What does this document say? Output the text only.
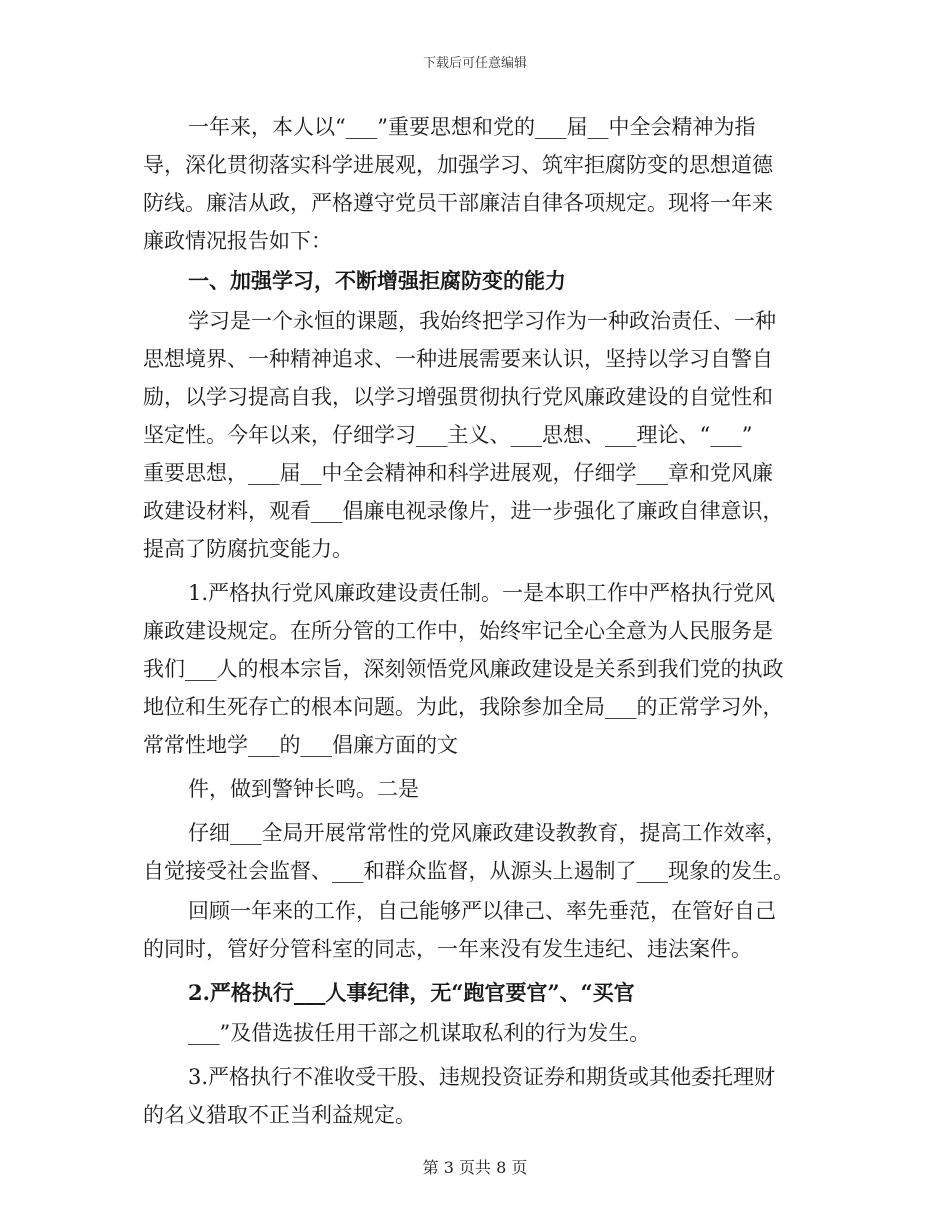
下载后可任意编辑
一年来，本人以“___”重要思想和党的___届__中全会精神为指
导，深化贯彻落实科学进展观，加强学习、筑牢拒腐防变的思想道德
防线。廉洁从政，严格遵守党员干部廉洁自律各项规定。现将一年来
廉政情况报告如下：
一、加强学习，不断增强拒腐防变的能力
学习是一个永恒的课题，我始终把学习作为一种政治责任、一种
思想境界、一种精神追求、一种进展需要来认识，坚持以学习自警自
励，以学习提高自我，以学习增强贯彻执行党风廉政建设的自觉性和
坚定性。今年以来，仔细学习___主义、___思想、___理论、“___”
重要思想，___届__中全会精神和科学进展观，仔细学___章和党风廉
政建设材料，观看___倡廉电视录像片，进一步强化了廉政自律意识，
提高了防腐抗变能力。
1.严格执行党风廉政建设责任制。一是本职工作中严格执行党风
廉政建设规定。在所分管的工作中，始终牢记全心全意为人民服务是
我们___人的根本宗旨，深刻领悟党风廉政建设是关系到我们党的执政
地位和生死存亡的根本问题。为此，我除参加全局___的正常学习外，
常常性地学___的___倡廉方面的文
件，做到警钟长鸣。二是
仔细___全局开展常常性的党风廉政建设教教育，提高工作效率，
自觉接受社会监督、___和群众监督，从源头上遏制了___现象的发生。
回顾一年来的工作，自己能够严以律己、率先垂范，在管好自己
的同时，管好分管科室的同志，一年来没有发生违纪、违法案件。
2.严格执行___人事纪律，无“跑官要官”、“买官
___”及借选拔任用干部之机谋取私利的行为发生。
3.严格执行不准收受干股、违规投资证券和期货或其他委托理财
的名义猎取不正当利益规定。
第 3 页共 8 页
